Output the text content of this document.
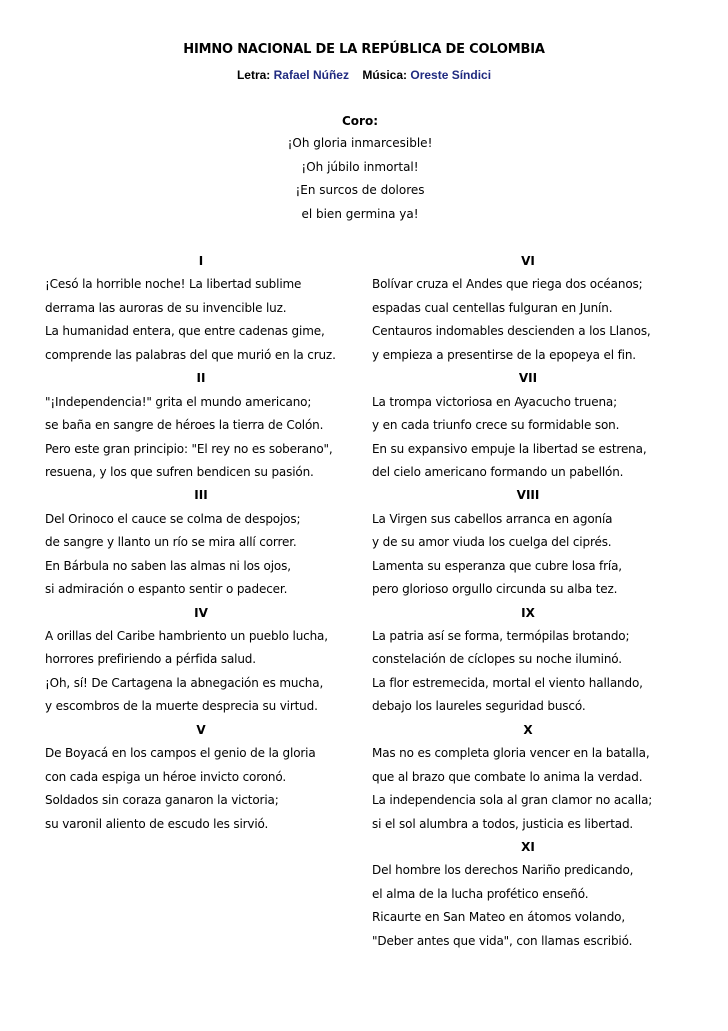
HIMNO NACIONAL DE LA REPÚBLICA DE COLOMBIA
Letra: Rafael Núñez Música: Oreste Síndici
Coro:
¡Oh gloria inmarcesible!
¡Oh júbilo inmortal!
¡En surcos de dolores
el bien germina ya!
I
¡Cesó la horrible noche! La libertad sublime
derrama las auroras de su invencible luz.
La humanidad entera, que entre cadenas gime,
comprende las palabras del que murió en la cruz.
II
"¡Independencia!" grita el mundo americano;
se baña en sangre de héroes la tierra de Colón.
Pero este gran principio: "El rey no es soberano",
resuena, y los que sufren bendicen su pasión.
III
Del Orinoco el cauce se colma de despojos;
de sangre y llanto un río se mira allí correr.
En Bárbula no saben las almas ni los ojos,
si admiración o espanto sentir o padecer.
IV
A orillas del Caribe hambriento un pueblo lucha,
horrores prefiriendo a pérfida salud.
¡Oh, sí! De Cartagena la abnegación es mucha,
y escombros de la muerte desprecia su virtud.
V
De Boyacá en los campos el genio de la gloria
con cada espiga un héroe invicto coronó.
Soldados sin coraza ganaron la victoria;
su varonil aliento de escudo les sirvió.
VI
Bolívar cruza el Andes que riega dos océanos;
espadas cual centellas fulguran en Junín.
Centauros indomables descienden a los Llanos,
y empieza a presentirse de la epopeya el fin.
VII
La trompa victoriosa en Ayacucho truena;
y en cada triunfo crece su formidable son.
En su expansivo empuje la libertad se estrena,
del cielo americano formando un pabellón.
VIII
La Virgen sus cabellos arranca en agonía
y de su amor viuda los cuelga del ciprés.
Lamenta su esperanza que cubre losa fría,
pero glorioso orgullo circunda su alba tez.
IX
La patria así se forma, termópilas brotando;
constelación de cíclopes su noche iluminó.
La flor estremecida, mortal el viento hallando,
debajo los laureles seguridad buscó.
X
Mas no es completa gloria vencer en la batalla,
que al brazo que combate lo anima la verdad.
La independencia sola al gran clamor no acalla;
si el sol alumbra a todos, justicia es libertad.
XI
Del hombre los derechos Nariño predicando,
el alma de la lucha profético enseñó.
Ricaurte en San Mateo en átomos volando,
"Deber antes que vida", con llamas escribió.
